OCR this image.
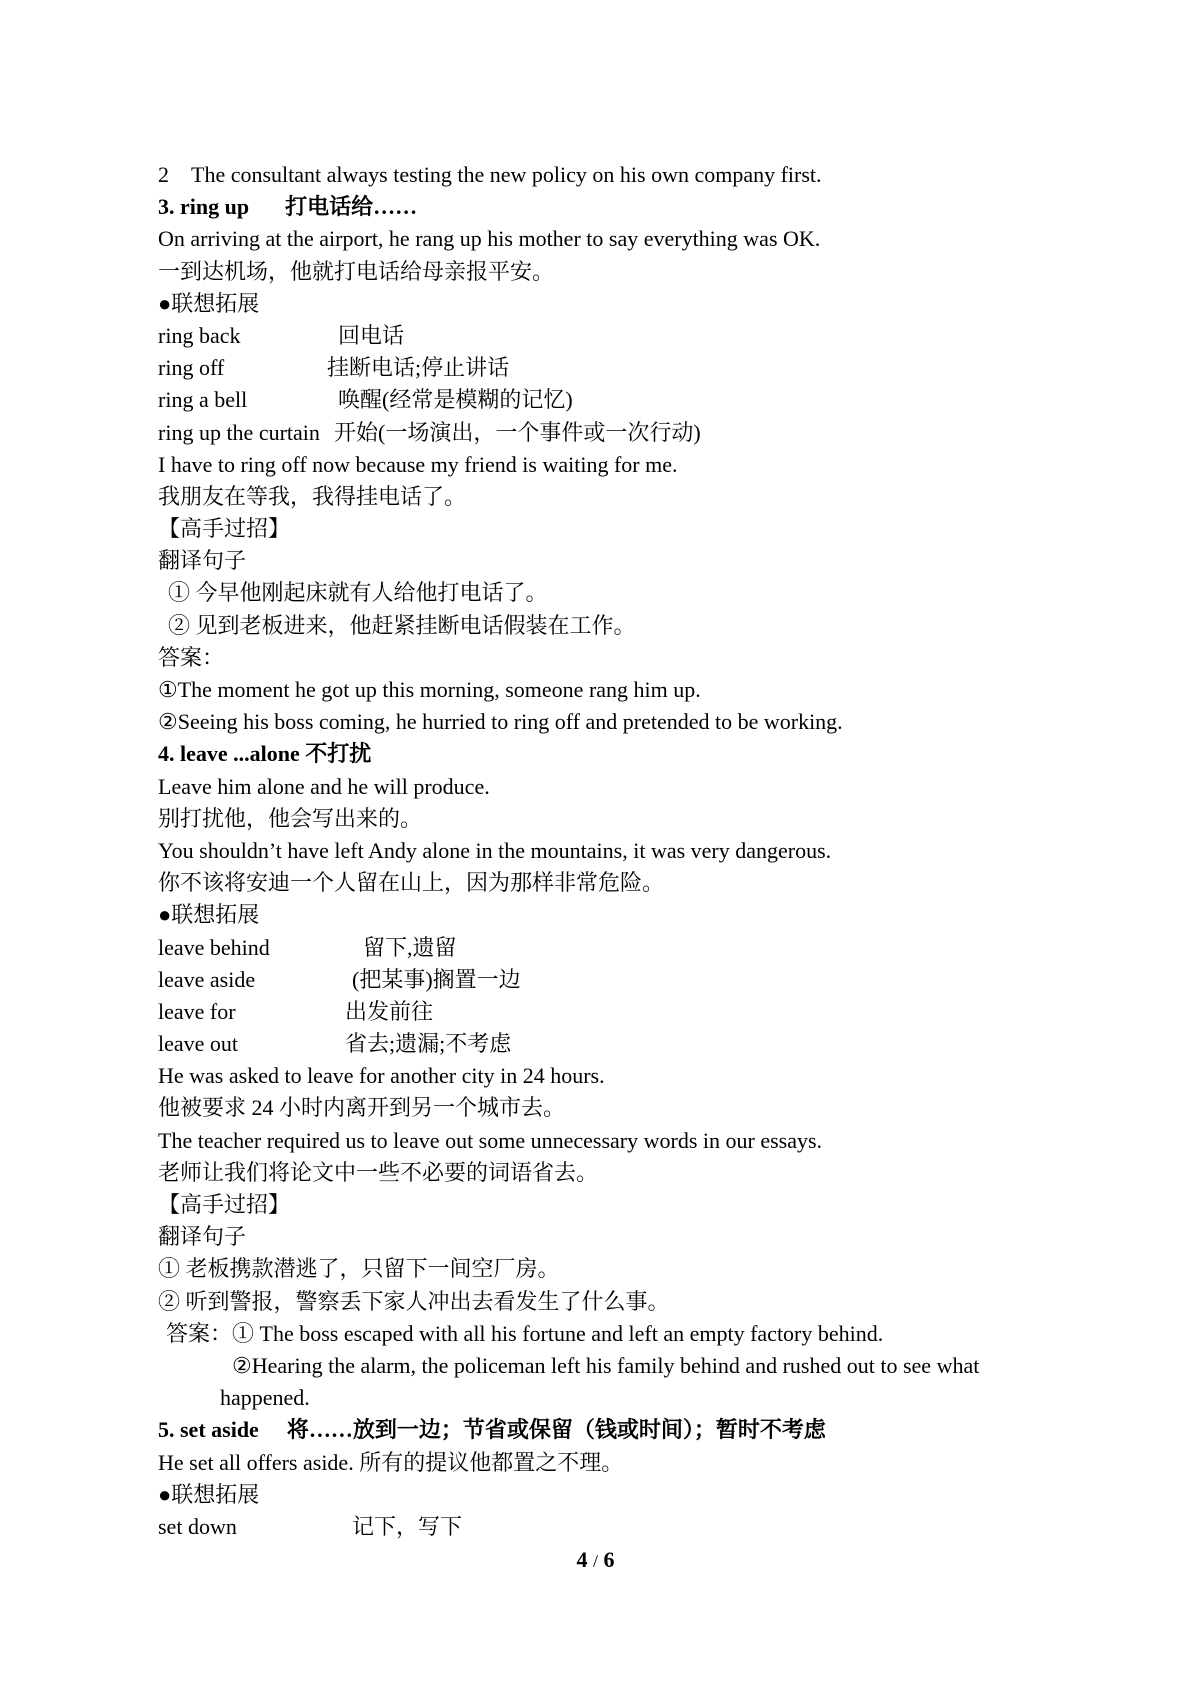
2　The consultant always testing the new policy on his own company first.
3. ring up 打电话给……
On arriving at the airport, he rang up his mother to say everything was OK.
一到达机场，他就打电话给母亲报平安。
●联想拓展
ring back	回电话
ring off	挂断电话;停止讲话
ring a bell	唤醒(经常是模糊的记忆)
ring up the curtain 开始(一场演出，一个事件或一次行动)
I have to ring off now because my friend is waiting for me.
我朋友在等我，我得挂电话了。
【高手过招】
翻译句子
① 今早他刚起床就有人给他打电话了。
② 见到老板进来，他赶紧挂断电话假装在工作。
答案：
①The moment he got up this morning, someone rang him up.
②Seeing his boss coming, he hurried to ring off and pretended to be working.
4. leave ...alone 不打扰
Leave him alone and he will produce.
别打扰他，他会写出来的。
You shouldn’t have left Andy alone in the mountains, it was very dangerous.
你不该将安迪一个人留在山上，因为那样非常危险。
●联想拓展
leave behind	留下,遗留
leave aside	(把某事)搁置一边
leave for	出发前往
leave out	省去;遗漏;不考虑
He was asked to leave for another city in 24 hours.
他被要求 24 小时内离开到另一个城市去。
The teacher required us to leave out some unnecessary words in our essays.
老师让我们将论文中一些不必要的词语省去。
【高手过招】
翻译句子
① 老板携款潜逃了，只留下一间空厂房。
② 听到警报，警察丢下家人冲出去看发生了什么事。
答案：① The boss escaped with all his fortune and left an empty factory behind.
②Hearing the alarm, the policeman left his family behind and rushed out to see what
happened.
5. set aside 将……放到一边；节省或保留（钱或时间）；暂时不考虑
He set all offers aside. 所有的提议他都置之不理。
●联想拓展
set down	记下，写下
4 / 6
